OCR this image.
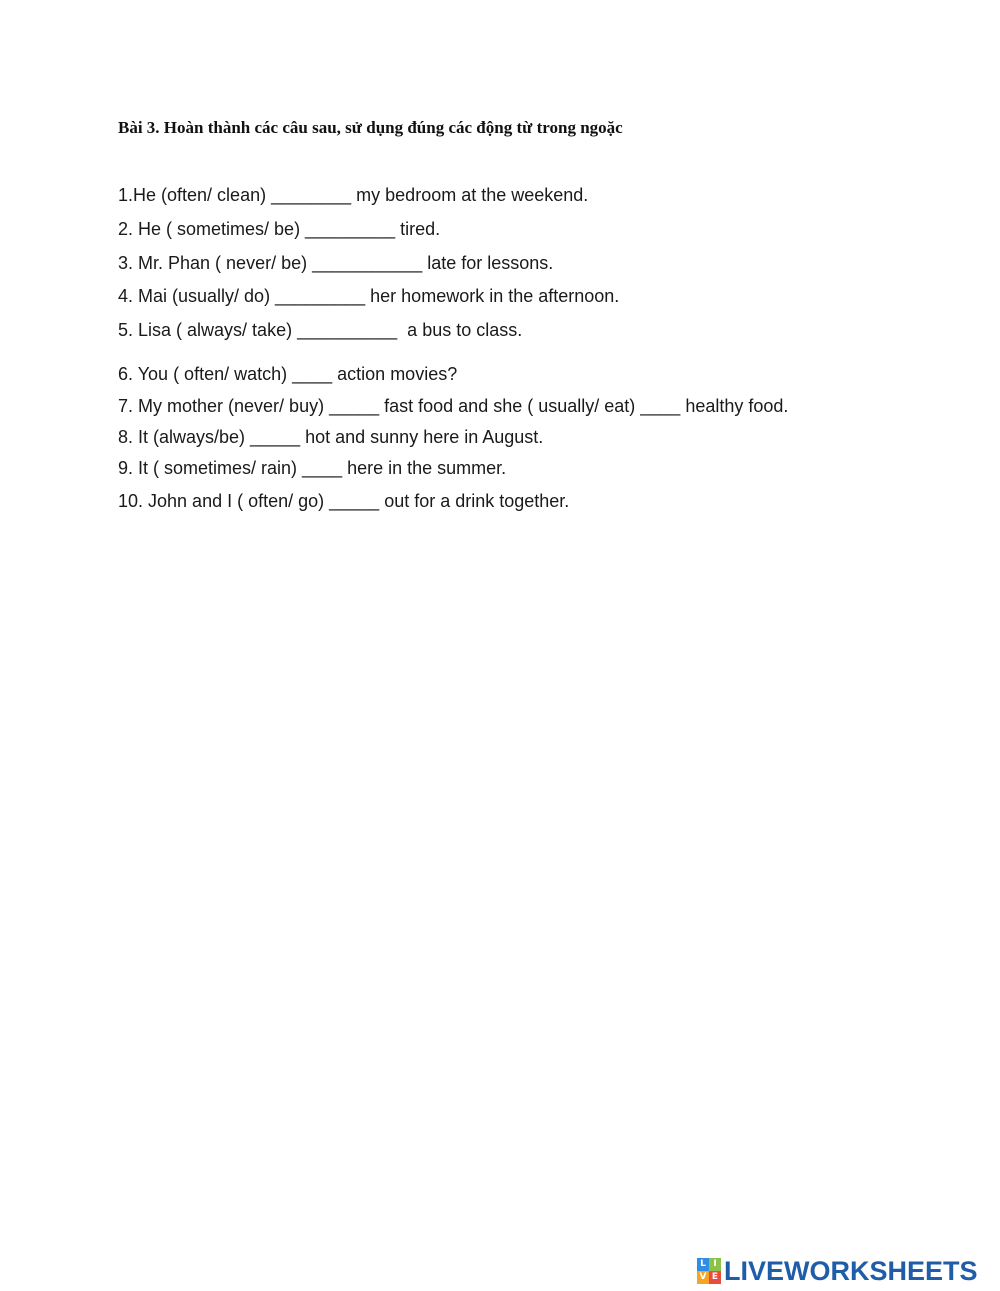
Bài 3. Hoàn thành các câu sau, sử dụng đúng các động từ trong ngoặc
1.He (often/ clean) ________ my bedroom at the weekend.
2. He ( sometimes/ be) _________ tired.
3. Mr. Phan ( never/ be) ___________ late for lessons.
4. Mai (usually/ do) _________ her homework in the afternoon.
5. Lisa ( always/ take) __________  a bus to class.
6. You ( often/ watch) ____ action movies?
7. My mother (never/ buy) _____ fast food and she ( usually/ eat) ____ healthy food.
8. It (always/be) _____ hot and sunny here in August.
9. It ( sometimes/ rain) ____ here in the summer.
10. John and I ( often/ go) _____ out for a drink together.
L I
V E LIVEWORKSHEETS
